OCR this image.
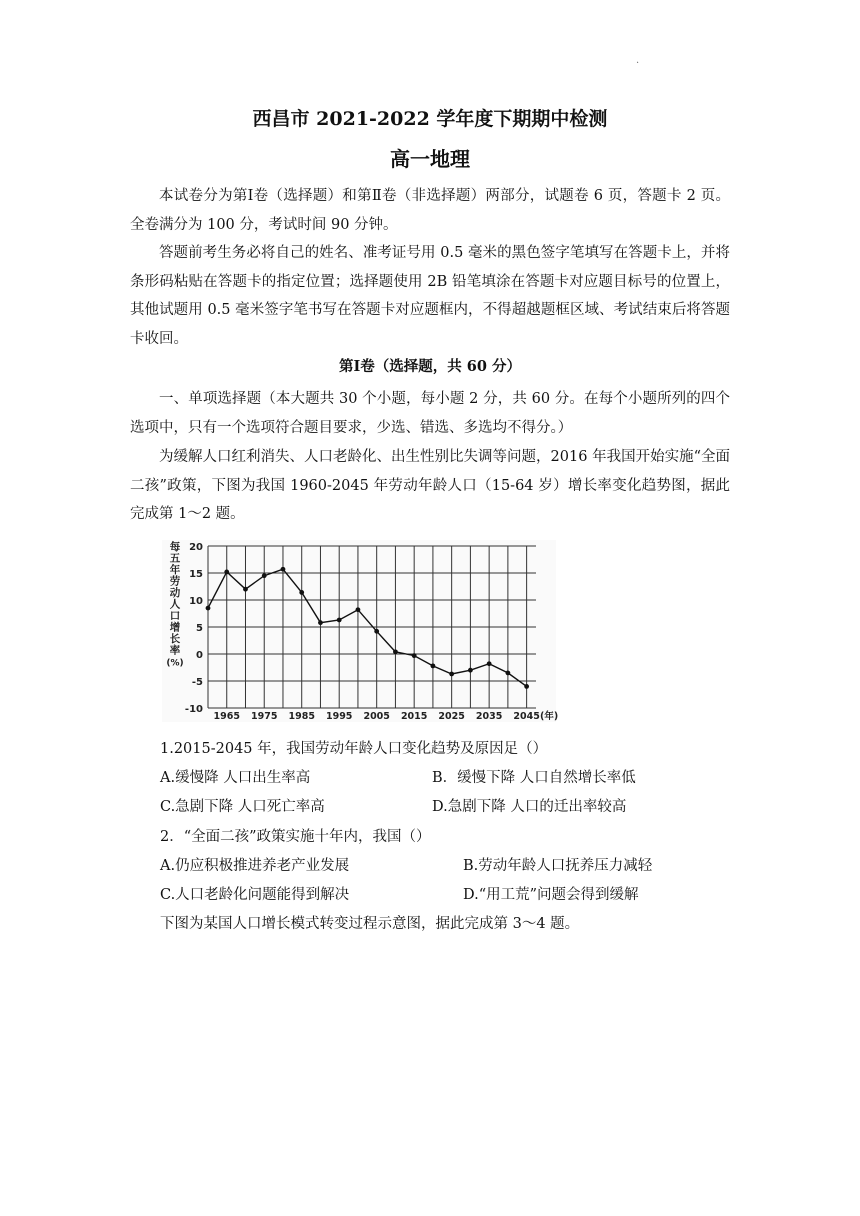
·
西昌市 2021-2022 学年度下期期中检测
高一地理

本试卷分为第Ⅰ卷（选择题）和第Ⅱ卷（非选择题）两部分，试题卷 6 页，答题卡 2 页。全卷满分为 100 分，考试时间 90 分钟。

答题前考生务必将自己的姓名、准考证号用 0.5 毫米的黑色签字笔填写在答题卡上，并将条形码粘贴在答题卡的指定位置；选择题使用 2B 铅笔填涂在答题卡对应题目标号的位置上，其他试题用 0.5 毫米签字笔书写在答题卡对应题框内，不得超越题框区域、考试结束后将答题卡收回。

第Ⅰ卷（选择题，共 60 分）

一、单项选择题（本大题共 30 个小题，每小题 2 分，共 60 分。在每个小题所列的四个选项中，只有一个选项符合题目要求，少选、错选、多选均不得分。）

为缓解人口红利消失、人口老龄化、出生性别比失调等问题，2016 年我国开始实施“全面二孩”政策，下图为我国 1960-2045 年劳动年龄人口（15-64 岁）增长率变化趋势图，据此完成第 1～2 题。

20
15
10
5
0
-5
-10
1965 1975 1985 1995 2005 2015 2025 2035 2045 (年)
每五年劳动人口增长率(%)
1.2015-2045 年，我国劳动年龄人口变化趋势及原因足（）
A.缓慢降 人口出生率高	B．缓慢下降 人口自然增长率低
C.急剧下降 人口死亡率高	D.急剧下降 人口的迁出率较高
2．“全面二孩”政策实施十年内，我国（）
A.仍应积极推进养老产业发展	B.劳动年龄人口抚养压力减轻
C.人口老龄化问题能得到解决	D.“用工荒”问题会得到缓解
下图为某国人口增长模式转变过程示意图，据此完成第 3～4 题。
